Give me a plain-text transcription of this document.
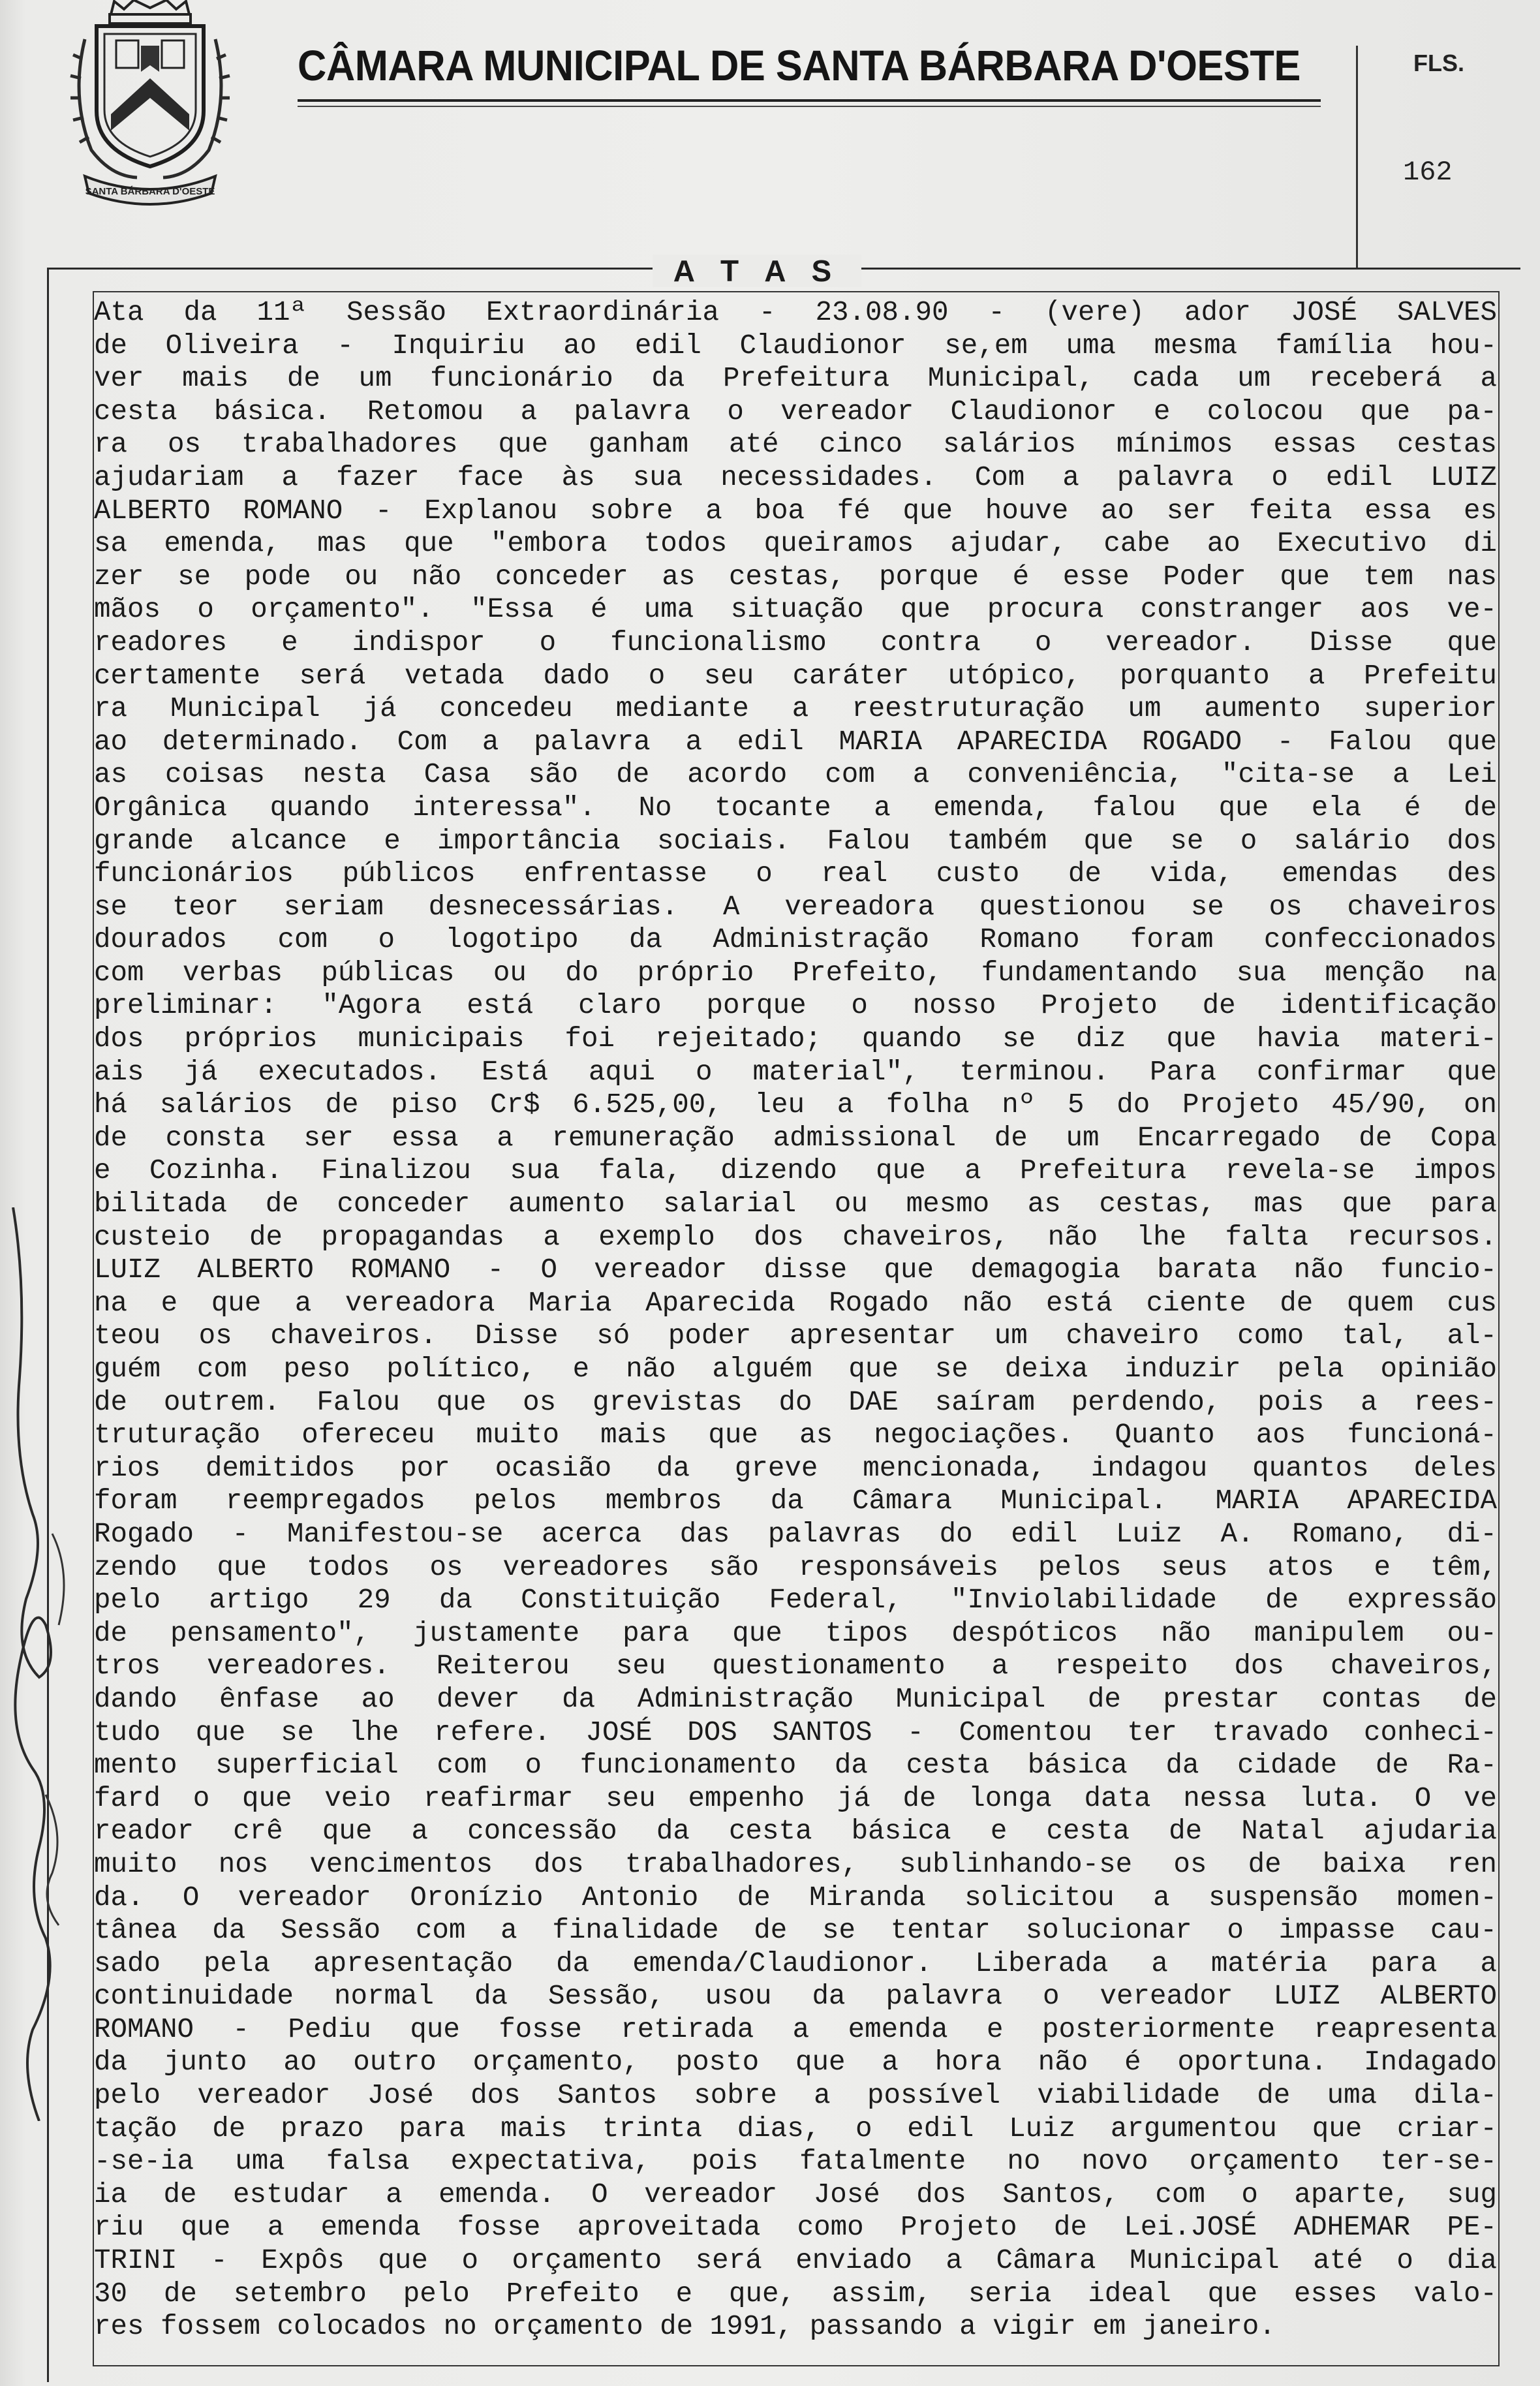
SANTA BÁRBARA D'OESTE
CÂMARA MUNICIPAL DE SANTA BÁRBARA D'OESTE	FLS.
162
A T A S
Ata da 11ª Sessão Extraordinária - 23.08.90 - (vere) ador JOSÉ SALVES
de Oliveira - Inquiriu ao edil Claudionor se,em uma mesma família hou-
ver mais de um funcionário da Prefeitura Municipal, cada um receberá a
cesta básica. Retomou a palavra o vereador Claudionor e colocou que pa-
ra os trabalhadores que ganham até cinco salários mínimos essas cestas
ajudariam a fazer face às sua necessidades. Com a palavra o edil LUIZ
ALBERTO ROMANO - Explanou sobre a boa fé que houve ao ser feita essa es
sa emenda, mas que "embora todos queiramos ajudar, cabe ao Executivo di
zer se pode ou não conceder as cestas, porque é esse Poder que tem nas
mãos o orçamento". "Essa é uma situação que procura constranger aos ve-
readores e indispor o funcionalismo contra o vereador. Disse que
certamente será vetada dado o seu caráter utópico, porquanto a Prefeitu
ra Municipal já concedeu mediante a reestruturação um aumento superior
ao determinado. Com a palavra a edil MARIA APARECIDA ROGADO - Falou que
as coisas nesta Casa são de acordo com a conveniência, "cita-se a Lei
Orgânica quando interessa". No tocante a emenda, falou que ela é de
grande alcance e importância sociais. Falou também que se o salário dos
funcionários públicos enfrentasse o real custo de vida, emendas des
se teor seriam desnecessárias. A vereadora questionou se os chaveiros
dourados com o logotipo da Administração Romano foram confeccionados
com verbas públicas ou do próprio Prefeito, fundamentando sua menção na
preliminar: "Agora está claro porque o nosso Projeto de identificação
dos próprios municipais foi rejeitado; quando se diz que havia materi-
ais já executados. Está aqui o material", terminou. Para confirmar que
há salários de piso Cr$ 6.525,00, leu a folha nº 5 do Projeto 45/90, on
de consta ser essa a remuneração admissional de um Encarregado de Copa
e Cozinha. Finalizou sua fala, dizendo que a Prefeitura revela-se impos
bilitada de conceder aumento salarial ou mesmo as cestas, mas que para
custeio de propagandas a exemplo dos chaveiros, não lhe falta recursos.
LUIZ ALBERTO ROMANO - O vereador disse que demagogia barata não funcio-
na e que a vereadora Maria Aparecida Rogado não está ciente de quem cus
teou os chaveiros. Disse só poder apresentar um chaveiro como tal, al-
guém com peso político, e não alguém que se deixa induzir pela opinião
de outrem. Falou que os grevistas do DAE saíram perdendo, pois a rees-
truturação ofereceu muito mais que as negociações. Quanto aos funcioná-
rios demitidos por ocasião da greve mencionada, indagou quantos deles
foram reempregados pelos membros da Câmara Municipal. MARIA APARECIDA
Rogado - Manifestou-se acerca das palavras do edil Luiz A. Romano, di-
zendo que todos os vereadores são responsáveis pelos seus atos e têm,
pelo artigo 29 da Constituição Federal, "Inviolabilidade de expressão
de pensamento", justamente para que tipos despóticos não manipulem ou-
tros vereadores. Reiterou seu questionamento a respeito dos chaveiros,
dando ênfase ao dever da Administração Municipal de prestar contas de
tudo que se lhe refere. JOSÉ DOS SANTOS - Comentou ter travado conheci-
mento superficial com o funcionamento da cesta básica da cidade de Ra-
fard o que veio reafirmar seu empenho já de longa data nessa luta. O ve
reador crê que a concessão da cesta básica e cesta de Natal ajudaria
muito nos vencimentos dos trabalhadores, sublinhando-se os de baixa ren
da. O vereador Oronízio Antonio de Miranda solicitou a suspensão momen-
tânea da Sessão com a finalidade de se tentar solucionar o impasse cau-
sado pela apresentação da emenda/Claudionor. Liberada a matéria para a
continuidade normal da Sessão, usou da palavra o vereador LUIZ ALBERTO
ROMANO - Pediu que fosse retirada a emenda e posteriormente reapresenta
da junto ao outro orçamento, posto que a hora não é oportuna. Indagado
pelo vereador José dos Santos sobre a possível viabilidade de uma dila-
tação de prazo para mais trinta dias, o edil Luiz argumentou que criar-
-se-ia uma falsa expectativa, pois fatalmente no novo orçamento ter-se-
ia de estudar a emenda. O vereador José dos Santos, com o aparte, sug
riu que a emenda fosse aproveitada como Projeto de Lei.JOSÉ ADHEMAR PE-
TRINI - Expôs que o orçamento será enviado a Câmara Municipal até o dia
30 de setembro pelo Prefeito e que, assim, seria ideal que esses valo-
res fossem colocados no orçamento de 1991, passando a vigir em janeiro.
